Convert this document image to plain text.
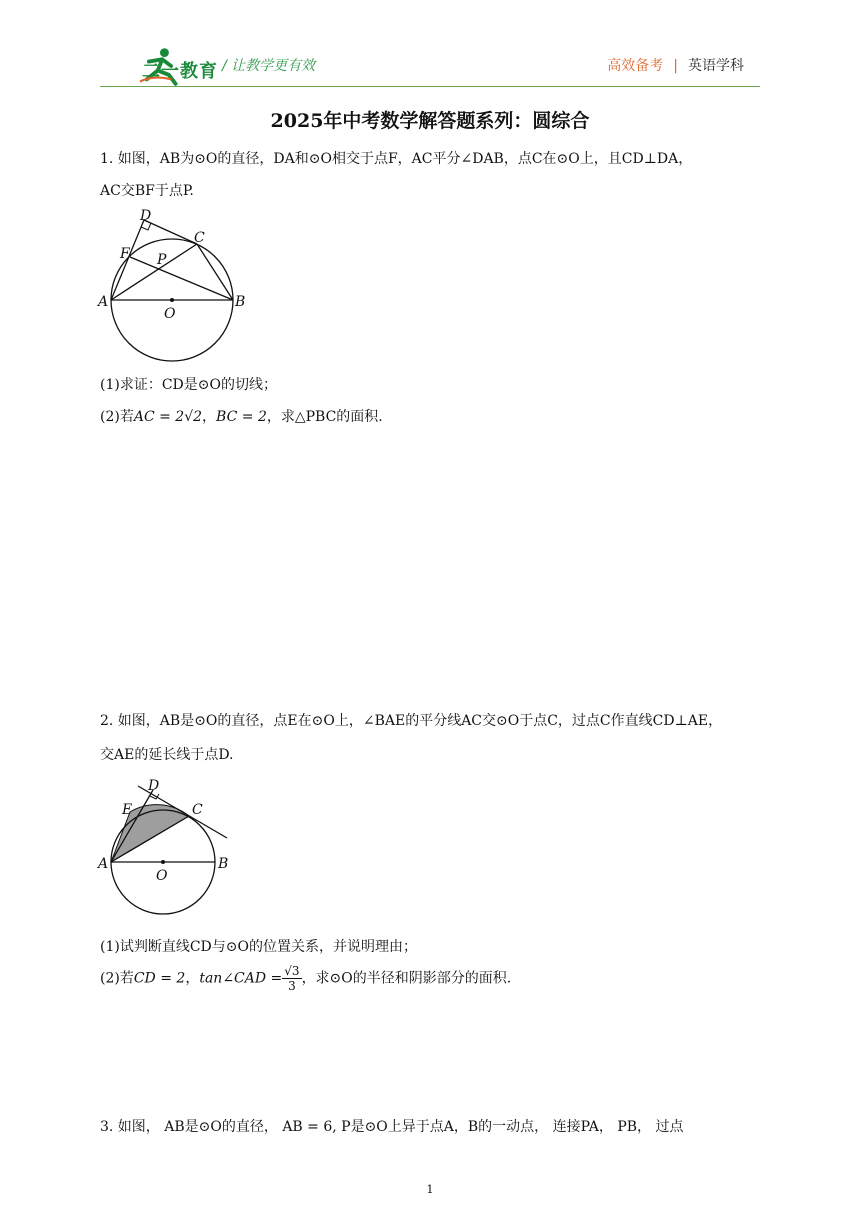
二一教育 / 让教学更有效	高效备考 | 英语学科
2025年中考数学解答题系列：圆综合
1. 如图，AB为⊙O的直径，DA和⊙O相交于点F，AC平分∠DAB，点C在⊙O上，且CD⊥DA，
AC交BF于点P.
D
C
F P
A	B
O
(1)求证：CD是⊙O的切线；
(2)若AC = 2√2，BC = 2，求△PBC的面积.
2. 如图，AB是⊙O的直径，点E在⊙O上，∠BAE的平分线AC交⊙O于点C，过点C作直线CD⊥AE，
交AE的延长线于点D.
D
E	C
A	B
O
(1)试判断直线CD与⊙O的位置关系，并说明理由；
(2)若CD = 2，tan∠CAD = $\frac{√3}{3}$ ，求⊙O的半径和阴影部分的面积.
3. 如图， AB是⊙O的直径， AB = 6, P是⊙O上异于点A，B的一动点， 连接PA， PB， 过点
1
